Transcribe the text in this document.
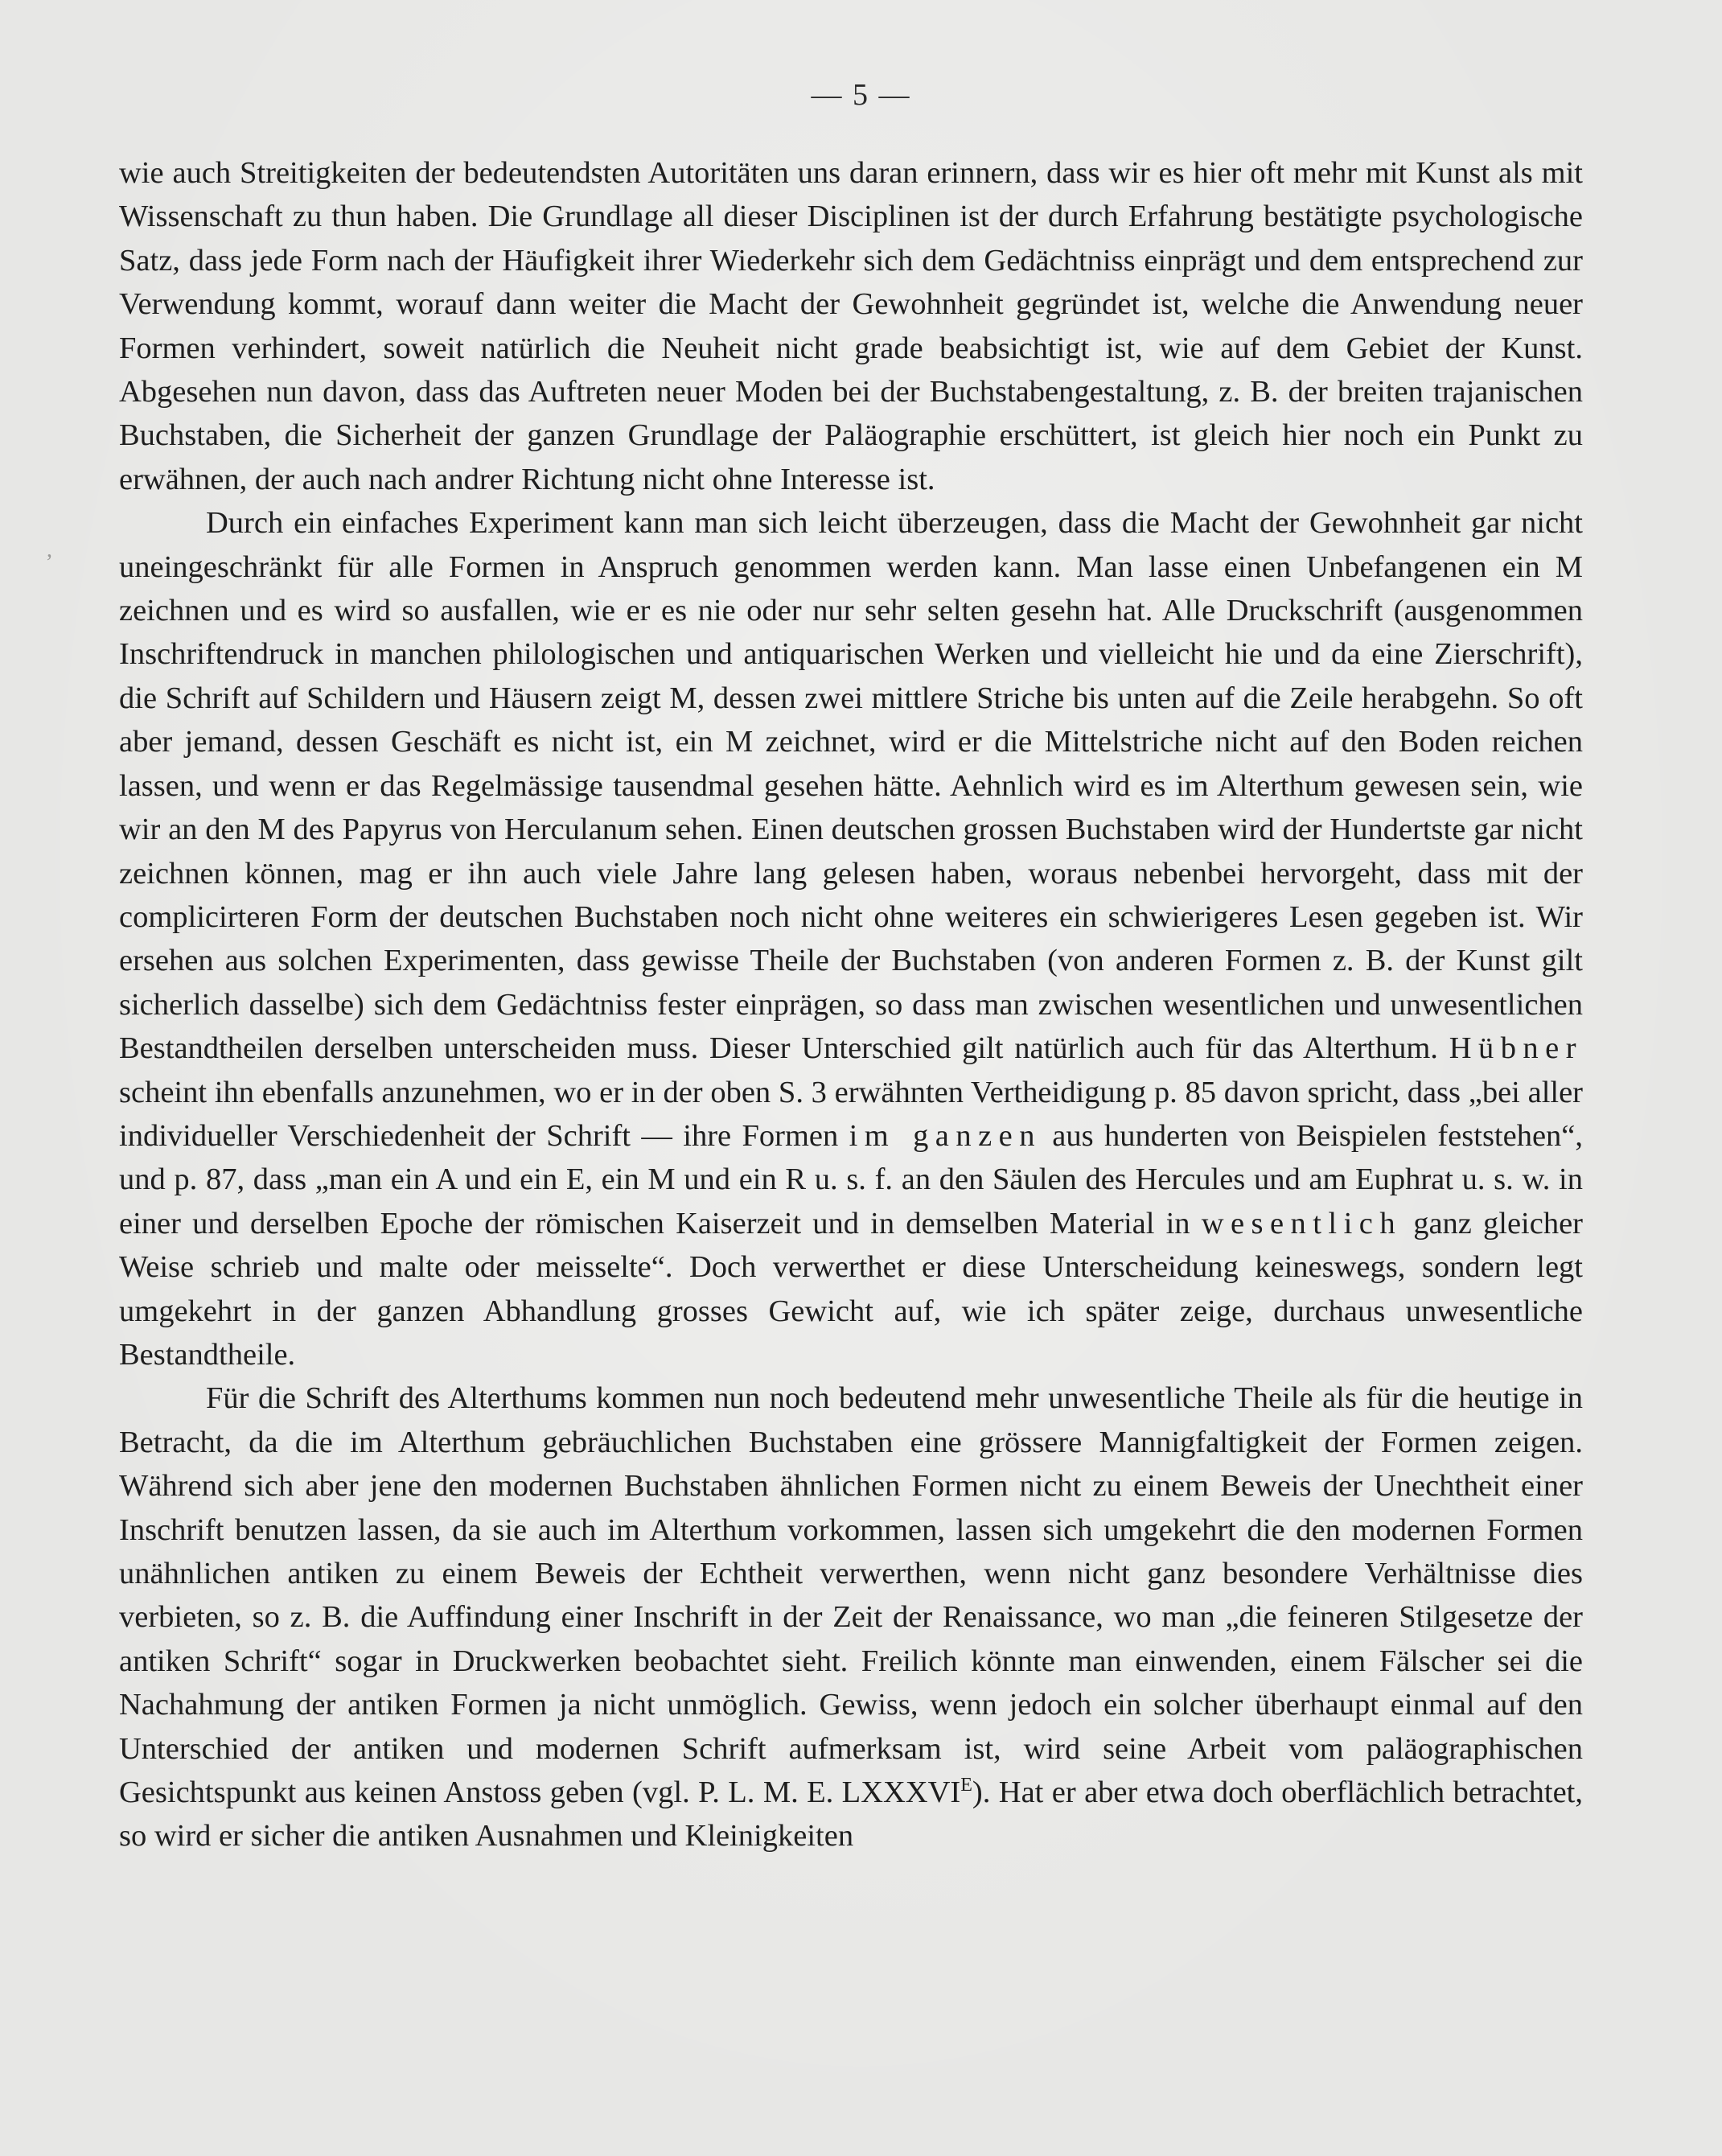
— 5 —
,

wie auch Streitigkeiten der bedeutendsten Autoritäten uns daran erinnern, dass wir es hier oft mehr mit Kunst als mit Wissenschaft zu thun haben. Die Grundlage all dieser Disciplinen ist der durch Erfahrung bestätigte psychologische Satz, dass jede Form nach der Häufigkeit ihrer Wiederkehr sich dem Gedächtniss einprägt und dem entsprechend zur Verwendung kommt, worauf dann weiter die Macht der Gewohnheit gegründet ist, welche die Anwendung neuer Formen verhindert, soweit natürlich die Neuheit nicht grade beabsichtigt ist, wie auf dem Gebiet der Kunst. Abgesehen nun davon, dass das Auftreten neuer Moden bei der Buchstabengestaltung, z. B. der breiten trajanischen Buchstaben, die Sicherheit der ganzen Grundlage der Paläographie erschüttert, ist gleich hier noch ein Punkt zu erwähnen, der auch nach andrer Richtung nicht ohne Interesse ist.

Durch ein einfaches Experiment kann man sich leicht überzeugen, dass die Macht der Gewohnheit gar nicht uneingeschränkt für alle Formen in Anspruch genommen werden kann. Man lasse einen Unbefangenen ein M zeichnen und es wird so ausfallen, wie er es nie oder nur sehr selten gesehn hat. Alle Druckschrift (ausgenommen Inschriftendruck in manchen philologischen und antiquarischen Werken und vielleicht hie und da eine Zierschrift), die Schrift auf Schildern und Häusern zeigt M, dessen zwei mittlere Striche bis unten auf die Zeile herabgehn. So oft aber jemand, dessen Geschäft es nicht ist, ein M zeichnet, wird er die Mittelstriche nicht auf den Boden reichen lassen, und wenn er das Regelmässige tausendmal gesehen hätte. Aehnlich wird es im Alterthum gewesen sein, wie wir an den M des Papyrus von Herculanum sehen. Einen deutschen grossen Buchstaben wird der Hundertste gar nicht zeichnen können, mag er ihn auch viele Jahre lang gelesen haben, woraus nebenbei hervorgeht, dass mit der complicirteren Form der deutschen Buchstaben noch nicht ohne weiteres ein schwierigeres Lesen gegeben ist. Wir ersehen aus solchen Experimenten, dass gewisse Theile der Buchstaben (von anderen Formen z. B. der Kunst gilt sicherlich dasselbe) sich dem Gedächtniss fester einprägen, so dass man zwischen wesentlichen und unwesentlichen Bestandtheilen derselben unterscheiden muss. Dieser Unterschied gilt natürlich auch für das Alterthum. Hübner scheint ihn ebenfalls anzunehmen, wo er in der oben S. 3 erwähnten Vertheidigung p. 85 davon spricht, dass „bei aller individueller Verschiedenheit der Schrift — ihre Formen im ganzen aus hunderten von Beispielen feststehen“, und p. 87, dass „man ein A und ein E, ein M und ein R u. s. f. an den Säulen des Hercules und am Euphrat u. s. w. in einer und derselben Epoche der römischen Kaiserzeit und in demselben Material in wesentlich ganz gleicher Weise schrieb und malte oder meisselte“. Doch verwerthet er diese Unterscheidung keineswegs, sondern legt umgekehrt in der ganzen Abhandlung grosses Gewicht auf, wie ich später zeige, durchaus unwesentliche Bestandtheile.

Für die Schrift des Alterthums kommen nun noch bedeutend mehr unwesentliche Theile als für die heutige in Betracht, da die im Alterthum gebräuchlichen Buchstaben eine grössere Mannigfaltigkeit der Formen zeigen. Während sich aber jene den modernen Buchstaben ähnlichen Formen nicht zu einem Beweis der Unechtheit einer Inschrift benutzen lassen, da sie auch im Alterthum vorkommen, lassen sich umgekehrt die den modernen Formen unähnlichen antiken zu einem Beweis der Echtheit verwerthen, wenn nicht ganz besondere Verhältnisse dies verbieten, so z. B. die Auffindung einer Inschrift in der Zeit der Renaissance, wo man „die feineren Stilgesetze der antiken Schrift“ sogar in Druckwerken beobachtet sieht. Freilich könnte man einwenden, einem Fälscher sei die Nachahmung der antiken Formen ja nicht unmöglich. Gewiss, wenn jedoch ein solcher überhaupt einmal auf den Unterschied der antiken und modernen Schrift aufmerksam ist, wird seine Arbeit vom paläographischen Gesichtspunkt aus keinen Anstoss geben (vgl. P. L. M. E. $LXXXVI^E$). Hat er aber etwa doch oberflächlich betrachtet, so wird er sicher die antiken Ausnahmen und Kleinigkeiten
